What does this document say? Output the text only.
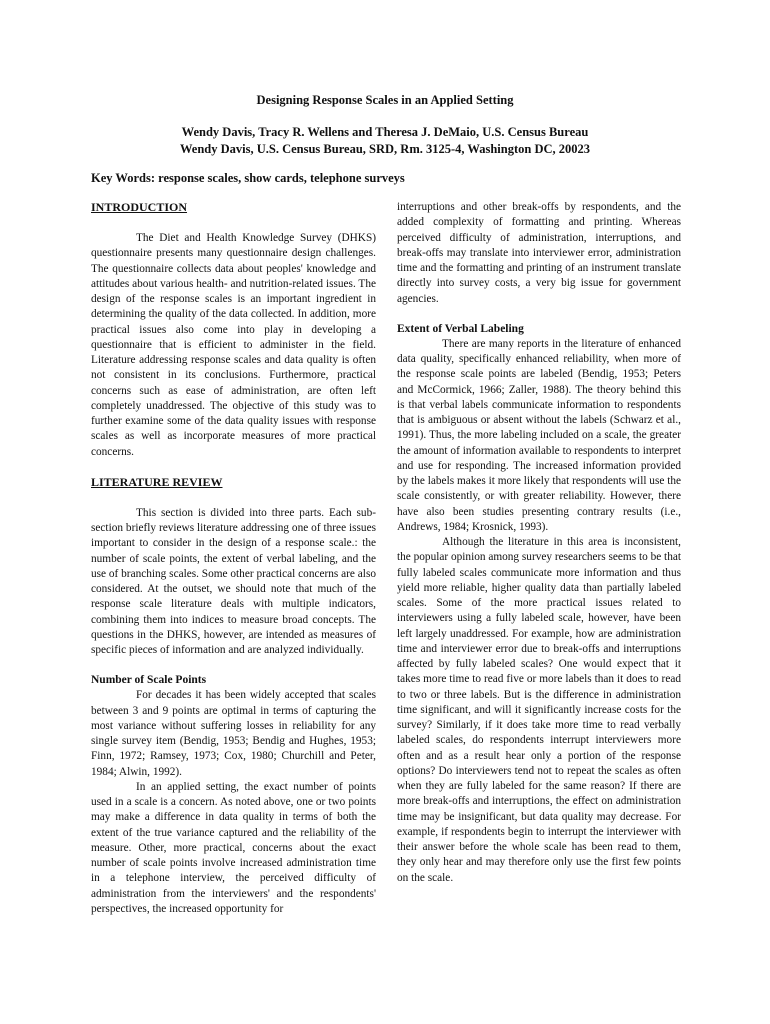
Designing Response Scales in an Applied Setting
Wendy Davis, Tracy R. Wellens and Theresa J. DeMaio, U.S. Census Bureau
Wendy Davis, U.S. Census Bureau, SRD, Rm. 3125-4, Washington DC, 20023
Key Words: response scales, show cards, telephone surveys
INTRODUCTION

The Diet and Health Knowledge Survey (DHKS) questionnaire presents many questionnaire design challenges. The questionnaire collects data about peoples' knowledge and attitudes about various health- and nutrition-related issues. The design of the response scales is an important ingredient in determining the quality of the data collected. In addition, more practical issues also come into play in developing a questionnaire that is efficient to administer in the field. Literature addressing response scales and data quality is often not consistent in its conclusions. Furthermore, practical concerns such as ease of administration, are often left completely unaddressed. The objective of this study was to further examine some of the data quality issues with response scales as well as incorporate measures of more practical concerns.

LITERATURE REVIEW

This section is divided into three parts. Each sub-section briefly reviews literature addressing one of three issues important to consider in the design of a response scale.: the number of scale points, the extent of verbal labeling, and the use of branching scales. Some other practical concerns are also considered. At the outset, we should note that much of the response scale literature deals with multiple indicators, combining them into indices to measure broad concepts. The questions in the DHKS, however, are intended as measures of specific pieces of information and are analyzed individually.

Number of Scale Points

For decades it has been widely accepted that scales between 3 and 9 points are optimal in terms of capturing the most variance without suffering losses in reliability for any single survey item (Bendig, 1953; Bendig and Hughes, 1953; Finn, 1972; Ramsey, 1973; Cox, 1980; Churchill and Peter, 1984; Alwin, 1992).

In an applied setting, the exact number of points used in a scale is a concern. As noted above, one or two points may make a difference in data quality in terms of both the extent of the true variance captured and the reliability of the measure. Other, more practical, concerns about the exact number of scale points involve increased administration time in a telephone interview, the perceived difficulty of administration from the interviewers' and the respondents' perspectives, the increased opportunity for

interruptions and other break-offs by respondents, and the added complexity of formatting and printing. Whereas perceived difficulty of administration, interruptions, and break-offs may translate into interviewer error, administration time and the formatting and printing of an instrument translate directly into survey costs, a very big issue for government agencies.

Extent of Verbal Labeling

There are many reports in the literature of enhanced data quality, specifically enhanced reliability, when more of the response scale points are labeled (Bendig, 1953; Peters and McCormick, 1966; Zaller, 1988). The theory behind this is that verbal labels communicate information to respondents that is ambiguous or absent without the labels (Schwarz et al., 1991). Thus, the more labeling included on a scale, the greater the amount of information available to respondents to interpret and use for responding. The increased information provided by the labels makes it more likely that respondents will use the scale consistently, or with greater reliability. However, there have also been studies presenting contrary results (i.e., Andrews, 1984; Krosnick, 1993).

Although the literature in this area is inconsistent, the popular opinion among survey researchers seems to be that fully labeled scales communicate more information and thus yield more reliable, higher quality data than partially labeled scales. Some of the more practical issues related to interviewers using a fully labeled scale, however, have been left largely unaddressed. For example, how are administration time and interviewer error due to break-offs and interruptions affected by fully labeled scales? One would expect that it takes more time to read five or more labels than it does to read to two or three labels. But is the difference in administration time significant, and will it significantly increase costs for the survey? Similarly, if it does take more time to read verbally labeled scales, do respondents interrupt interviewers more often and as a result hear only a portion of the response options? Do interviewers tend not to repeat the scales as often when they are fully labeled for the same reason? If there are more break-offs and interruptions, the effect on administration time may be insignificant, but data quality may decrease. For example, if respondents begin to interrupt the interviewer with their answer before the whole scale has been read to them, they only hear and may therefore only use the first few points on the scale.
